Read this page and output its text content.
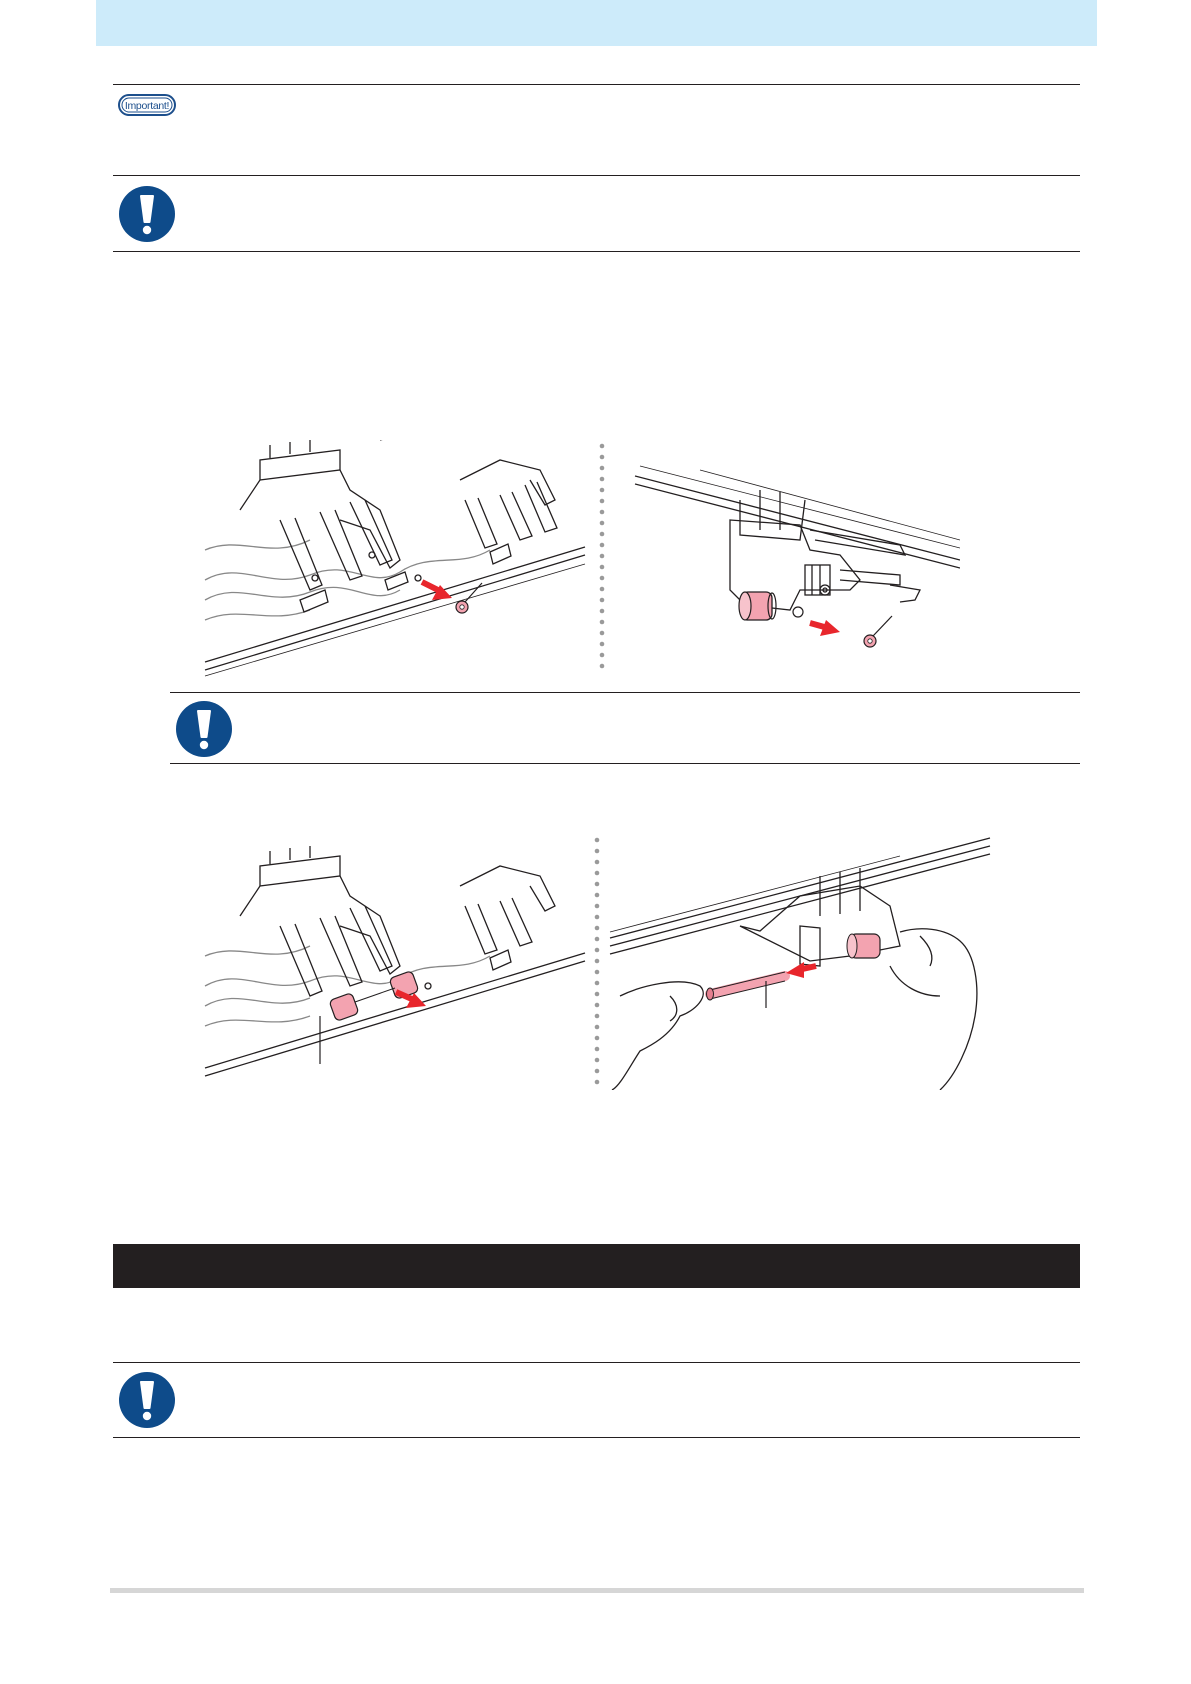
Important!
